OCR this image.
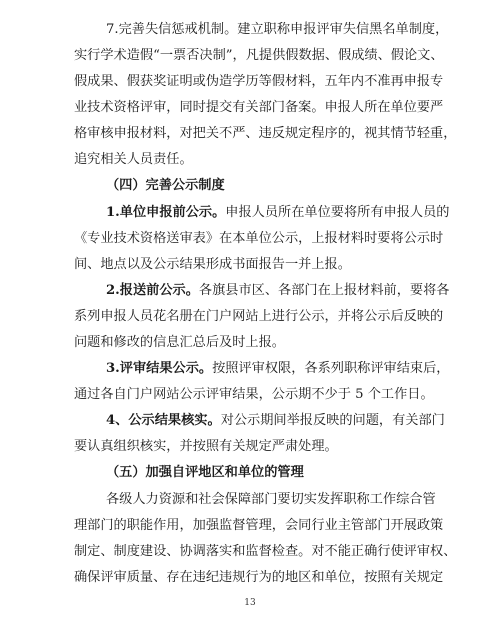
7.完善失信惩戒机制。建立职称申报评审失信黑名单制度，
实行学术造假“一票否决制”，凡提供假数据、假成绩、假论文、
假成果、假获奖证明或伪造学历等假材料，五年内不准再申报专
业技术资格评审，同时提交有关部门备案。申报人所在单位要严
格审核申报材料，对把关不严、违反规定程序的，视其情节轻重，
追究相关人员责任。
（四）完善公示制度
1.单位申报前公示。申报人员所在单位要将所有申报人员的
《专业技术资格送审表》在本单位公示，上报材料时要将公示时
间、地点以及公示结果形成书面报告一并上报。
2.报送前公示。各旗县市区、各部门在上报材料前，要将各
系列申报人员花名册在门户网站上进行公示，并将公示后反映的
问题和修改的信息汇总后及时上报。
3.评审结果公示。按照评审权限，各系列职称评审结束后，
通过各自门户网站公示评审结果，公示期不少于 5 个工作日。
4、公示结果核实。对公示期间举报反映的问题，有关部门
要认真组织核实，并按照有关规定严肃处理。
（五）加强自评地区和单位的管理
各级人力资源和社会保障部门要切实发挥职称工作综合管
理部门的职能作用，加强监督管理，会同行业主管部门开展政策
制定、制度建设、协调落实和监督检查。对不能正确行使评审权、
确保评审质量、存在违纪违规行为的地区和单位，按照有关规定
13
